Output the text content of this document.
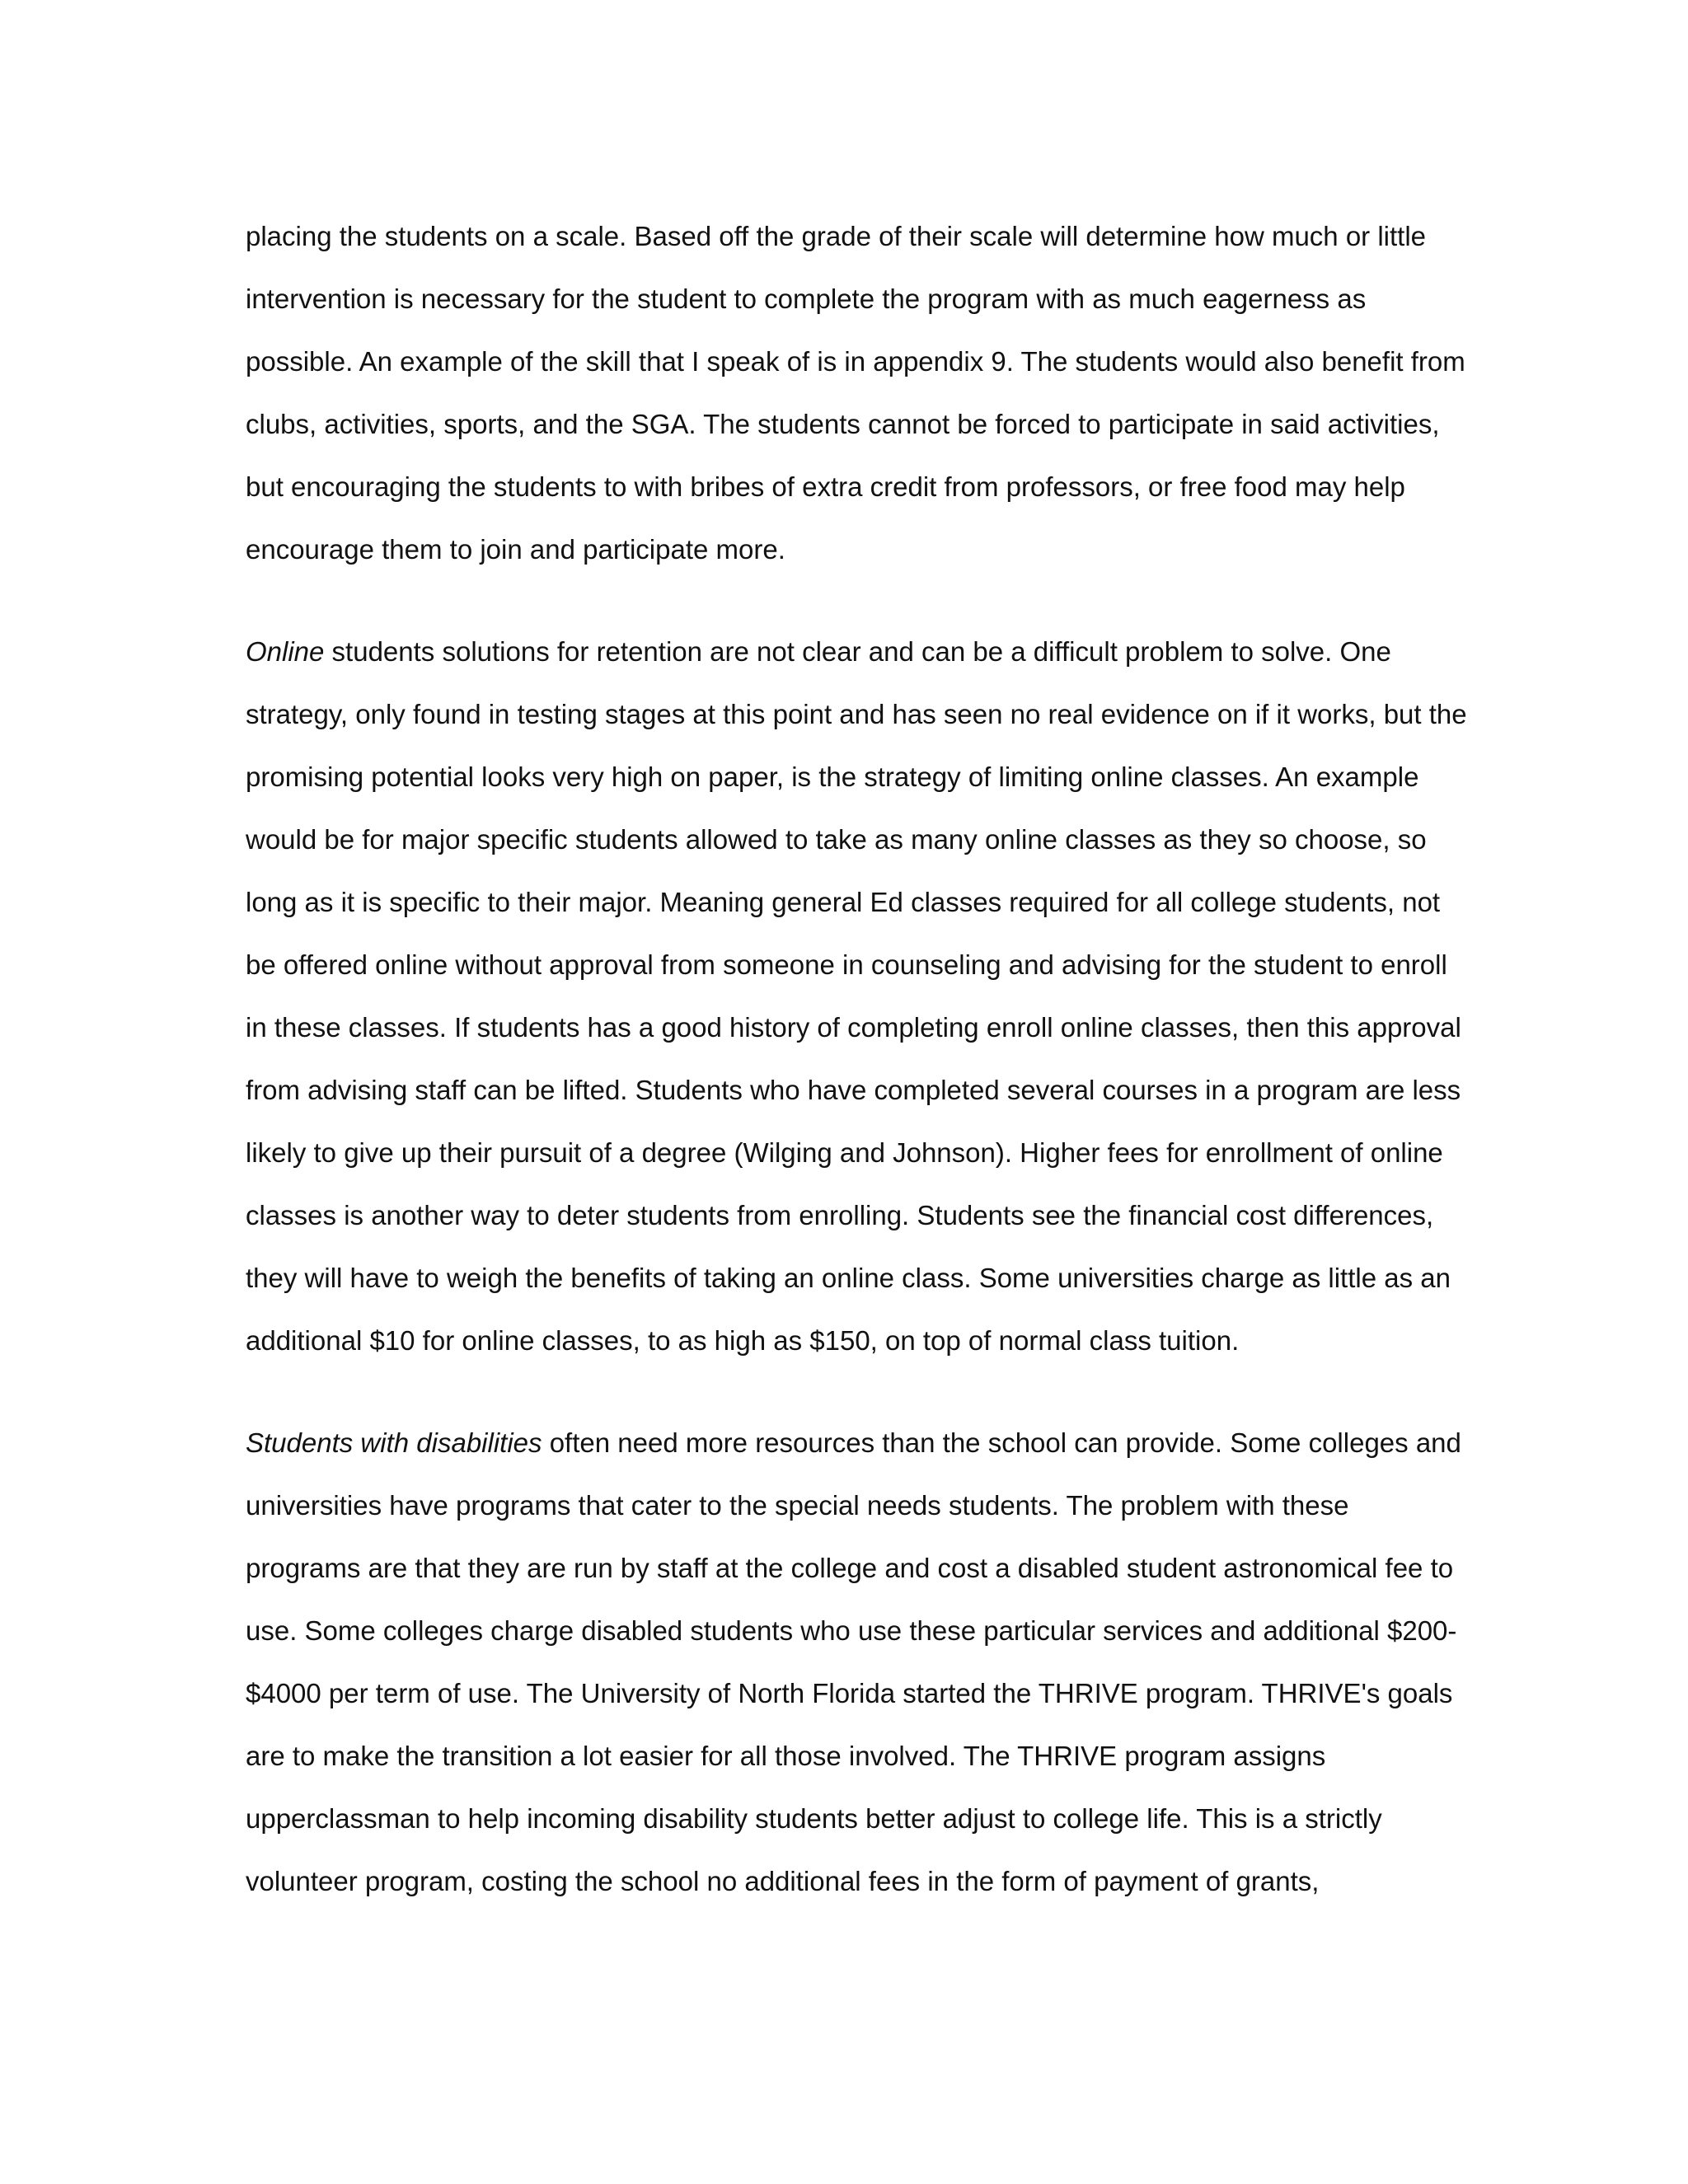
placing the students on a scale. Based off the grade of their scale will determine how much or little
intervention is necessary for the student to complete the program with as much eagerness as
possible. An example of the skill that I speak of is in appendix 9. The students would also benefit from
clubs, activities, sports, and the SGA. The students cannot be forced to participate in said activities,
but encouraging the students to with bribes of extra credit from professors, or free food may help
encourage them to join and participate more.
Online students solutions for retention are not clear and can be a difficult problem to solve. One
strategy, only found in testing stages at this point and has seen no real evidence on if it works, but the
promising potential looks very high on paper, is the strategy of limiting online classes. An example
would be for major specific students allowed to take as many online classes as they so choose, so
long as it is specific to their major. Meaning general Ed classes required for all college students, not
be offered online without approval from someone in counseling and advising for the student to enroll
in these classes. If students has a good history of completing enroll online classes, then this approval
from advising staff can be lifted. Students who have completed several courses in a program are less
likely to give up their pursuit of a degree (Wilging and Johnson). Higher fees for enrollment of online
classes is another way to deter students from enrolling. Students see the financial cost differences,
they will have to weigh the benefits of taking an online class. Some universities charge as little as an
additional $10 for online classes, to as high as $150, on top of normal class tuition.
Students with disabilities often need more resources than the school can provide. Some colleges and
universities have programs that cater to the special needs students. The problem with these
programs are that they are run by staff at the college and cost a disabled student astronomical fee to
use. Some colleges charge disabled students who use these particular services and additional $200-
$4000 per term of use. The University of North Florida started the THRIVE program. THRIVE's goals
are to make the transition a lot easier for all those involved. The THRIVE program assigns
upperclassman to help incoming disability students better adjust to college life. This is a strictly
volunteer program, costing the school no additional fees in the form of payment of grants,
